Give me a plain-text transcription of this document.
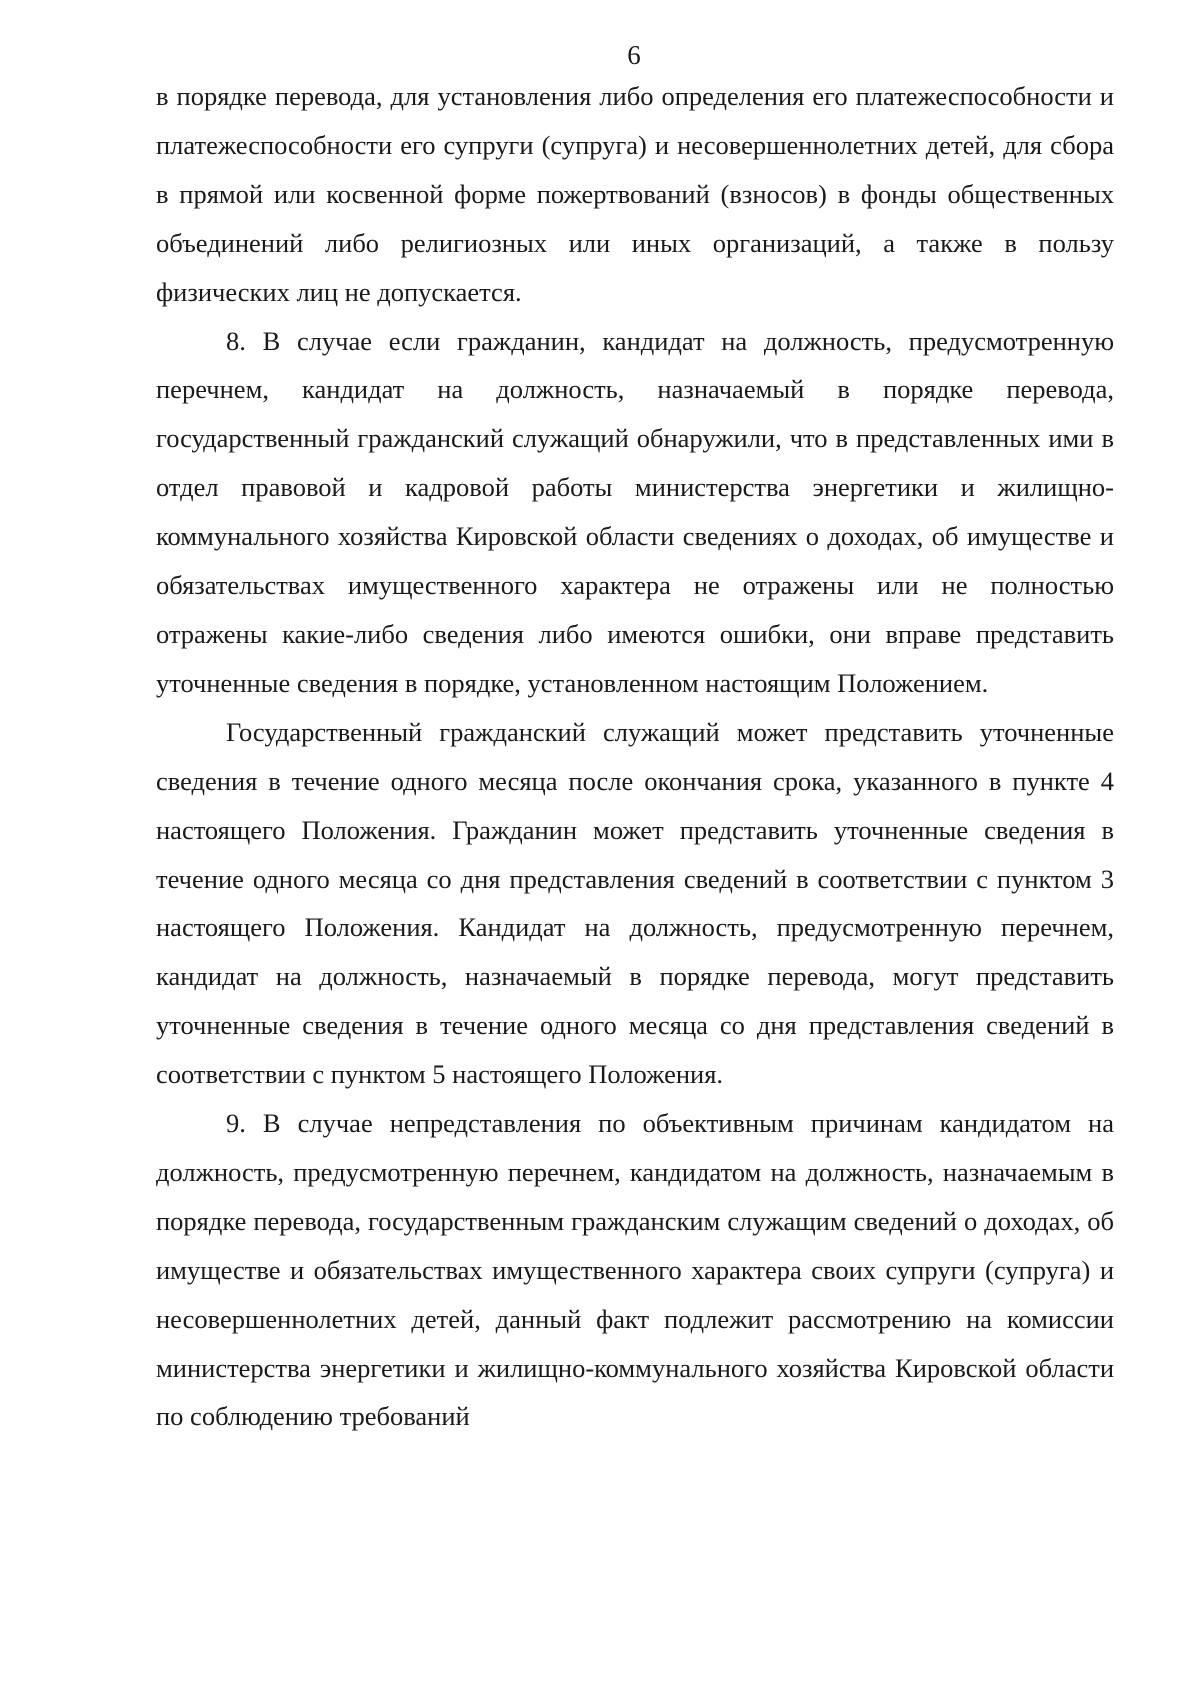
6

в порядке перевода, для установления либо определения его платежеспособности и платежеспособности его супруги (супруга) и несовершеннолетних детей, для сбора в прямой или косвенной форме пожертвований (взносов) в фонды общественных объединений либо религиозных или иных организаций, а также в пользу физических лиц не допускается.

8. В случае если гражданин, кандидат на должность, предусмотренную перечнем, кандидат на должность, назначаемый в порядке перевода, государственный гражданский служащий обнаружили, что в представленных ими в отдел правовой и кадровой работы министерства энергетики и жилищно-коммунального хозяйства Кировской области сведениях о доходах, об имуществе и обязательствах имущественного характера не отражены или не полностью отражены какие-либо сведения либо имеются ошибки, они вправе представить уточненные сведения в порядке, установленном настоящим Положением.

Государственный гражданский служащий может представить уточненные сведения в течение одного месяца после окончания срока, указанного в пункте 4 настоящего Положения. Гражданин может представить уточненные сведения в течение одного месяца со дня представления сведений в соответствии с пунктом 3 настоящего Положения. Кандидат на должность, предусмотренную перечнем, кандидат на должность, назначаемый в порядке перевода, могут представить уточненные сведения в течение одного месяца со дня представления сведений в соответствии с пунктом 5 настоящего Положения.

9. В случае непредставления по объективным причинам кандидатом на должность, предусмотренную перечнем, кандидатом на должность, назначаемым в порядке перевода, государственным гражданским служащим сведений о доходах, об имуществе и обязательствах имущественного характера своих супруги (супруга) и несовершеннолетних детей, данный факт подлежит рассмотрению на комиссии министерства энергетики и жилищно-коммунального хозяйства Кировской области по соблюдению требований
